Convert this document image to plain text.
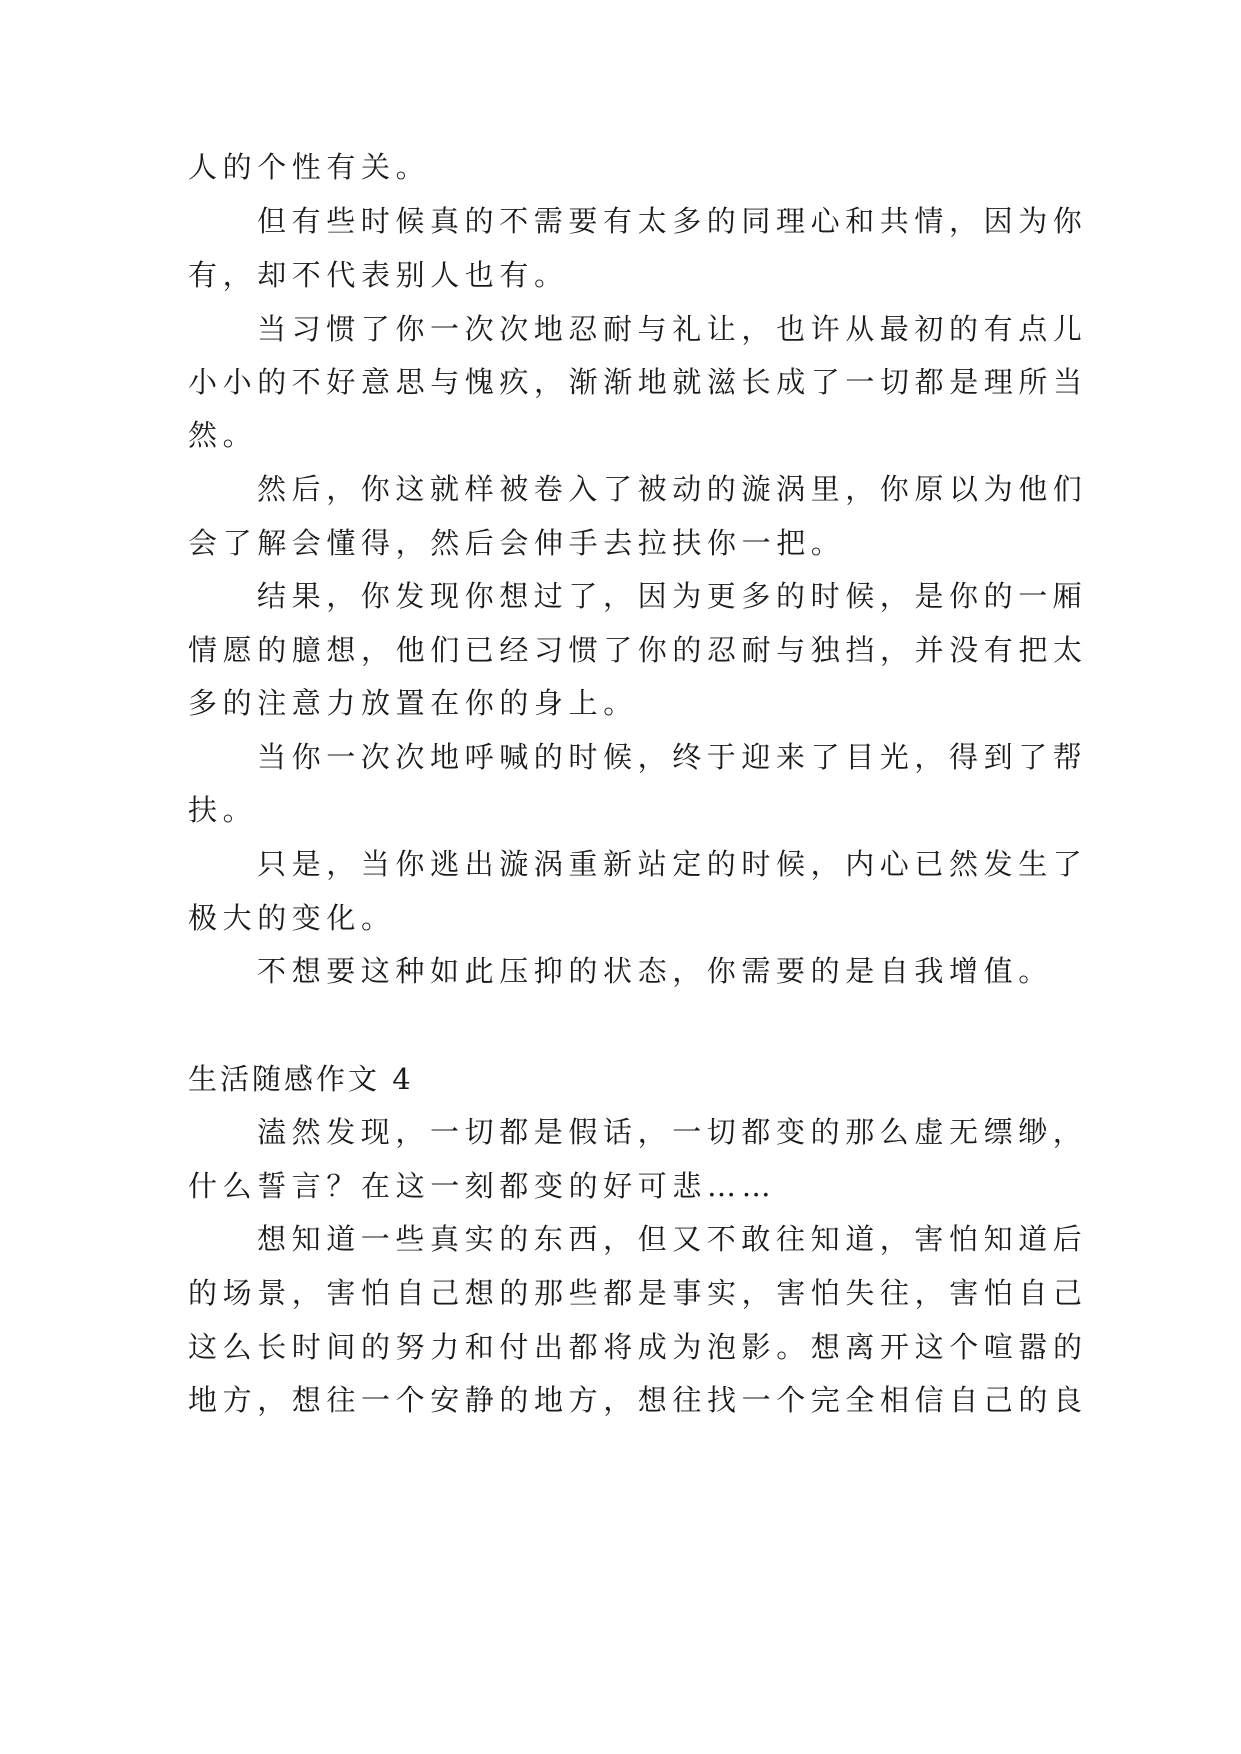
人的个性有关。
但有些时候真的不需要有太多的同理心和共情，因为你
有，却不代表别人也有。
当习惯了你一次次地忍耐与礼让，也许从最初的有点儿
小小的不好意思与愧疚，渐渐地就滋长成了一切都是理所当
然。
然后，你这就样被卷入了被动的漩涡里，你原以为他们
会了解会懂得，然后会伸手去拉扶你一把。
结果，你发现你想过了，因为更多的时候，是你的一厢
情愿的臆想，他们已经习惯了你的忍耐与独挡，并没有把太
多的注意力放置在你的身上。
当你一次次地呼喊的时候，终于迎来了目光，得到了帮
扶。
只是，当你逃出漩涡重新站定的时候，内心已然发生了
极大的变化。
不想要这种如此压抑的状态，你需要的是自我增值。
生活随感作文 4
溘然发现，一切都是假话，一切都变的那么虚无缥缈，
什么誓言？在这一刻都变的好可悲……
想知道一些真实的东西，但又不敢往知道，害怕知道后
的场景，害怕自己想的那些都是事实，害怕失往，害怕自己
这么长时间的努力和付出都将成为泡影。想离开这个喧嚣的
地方，想往一个安静的地方，想往找一个完全相信自己的良
